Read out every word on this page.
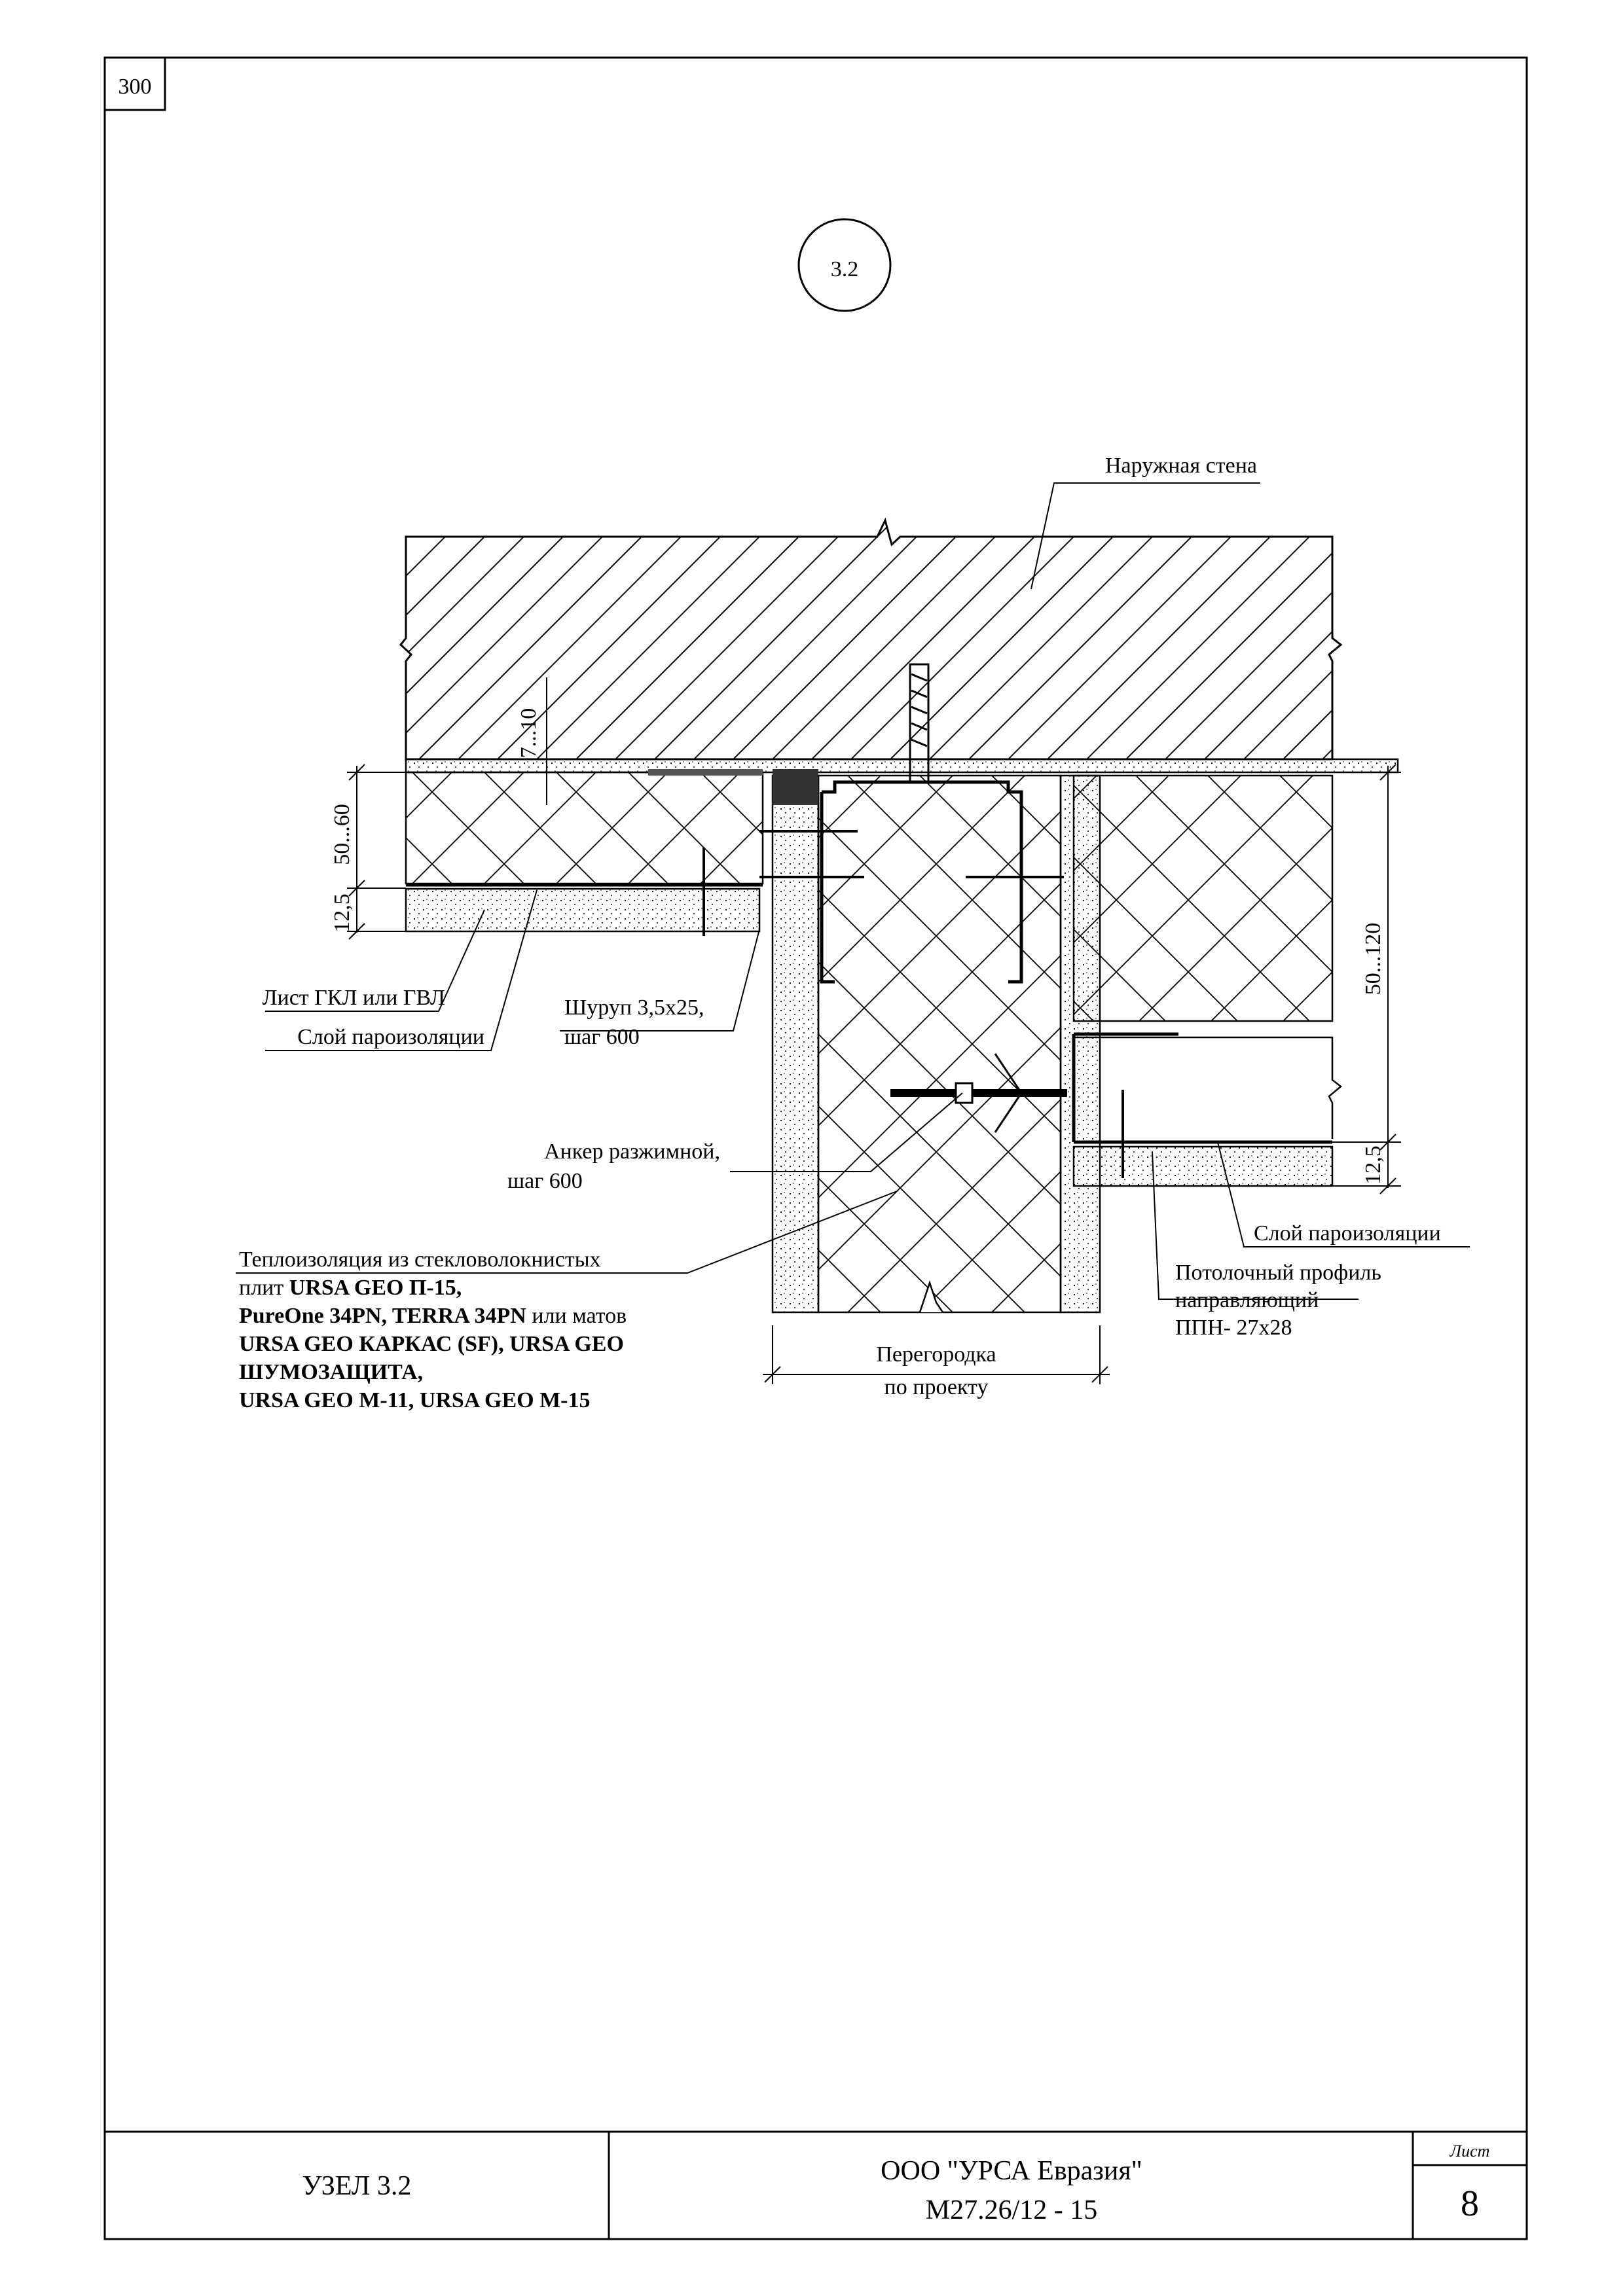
300
3.2
7...10
50...60
12,5
50...120
12,5
Наружная стена
Лист ГКЛ или ГВЛ
Слой пароизоляции
Шуруп 3,5х25,
шаг 600
Анкер разжимной,
шаг 600
Теплоизоляция из стекловолокнистых
плит URSA GEO П-15,
PureOne 34PN, TERRA 34PN или матов
URSA GEO КАРКАС (SF), URSA GEO
ШУМОЗАЩИТА,
URSA GEO M-11, URSA GEO M-15
Перегородка
по проекту
Слой пароизоляции
Потолочный профиль
направляющий
ППН- 27х28
УЗЕЛ 3.2	ООО "УРСА Евразия"
М27.26/12 - 15
Лист
8
